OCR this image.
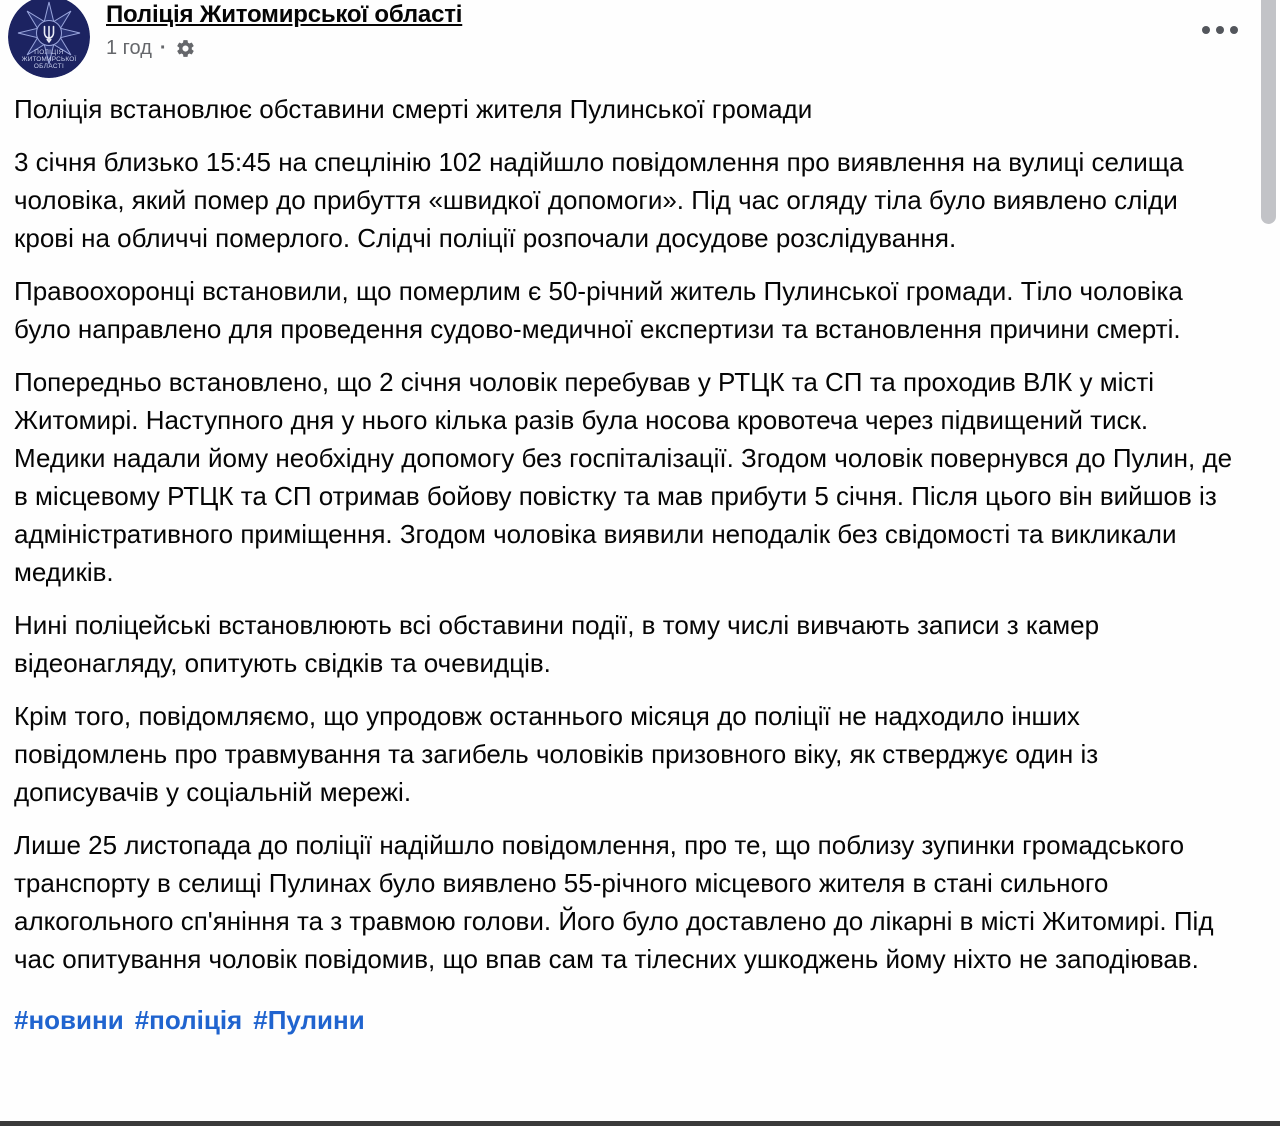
ПОЛІЦІЯ
ЖИТОМИРСЬКОЇ
ОБЛАСТІ
Поліція Житомирської області
1 год ·

Поліція встановлює обставини смерті жителя Пулинської громади

3 січня близько 15:45 на спецлінію 102 надійшло повідомлення про виявлення на вулиці селища чоловіка, який помер до прибуття «швидкої допомоги». Під час огляду тіла було виявлено сліди крові на обличчі померлого. Слідчі поліції розпочали досудове розслідування.

Правоохоронці встановили, що померлим є 50-річний житель Пулинської громади. Тіло чоловіка було направлено для проведення судово-медичної експертизи та встановлення причини смерті.

Попередньо встановлено, що 2 січня чоловік перебував у РТЦК та СП та проходив ВЛК у місті Житомирі. Наступного дня у нього кілька разів була носова кровотеча через підвищений тиск. Медики надали йому необхідну допомогу без госпіталізації. Згодом чоловік повернувся до Пулин, де в місцевому РТЦК та СП отримав бойову повістку та мав прибути 5 січня. Після цього він вийшов із адміністративного приміщення. Згодом чоловіка виявили неподалік без свідомості та викликали медиків.

Нині поліцейські встановлюють всі обставини події, в тому числі вивчають записи з камер відеонагляду, опитують свідків та очевидців.

Крім того, повідомляємо, що упродовж останнього місяця до поліції не надходило інших повідомлень про травмування та загибель чоловіків призовного віку, як стверджує один із дописувачів у соціальній мережі.

Лише 25 листопада до поліції надійшло повідомлення, про те, що поблизу зупинки громадського транспорту в селищі Пулинах було виявлено 55-річного місцевого жителя в стані сильного алкогольного сп'яніння та з травмою голови. Його було доставлено до лікарні в місті Житомирі. Під час опитування чоловік повідомив, що впав сам та тілесних ушкоджень йому ніхто не заподіював.

#новини #поліція #Пулини
